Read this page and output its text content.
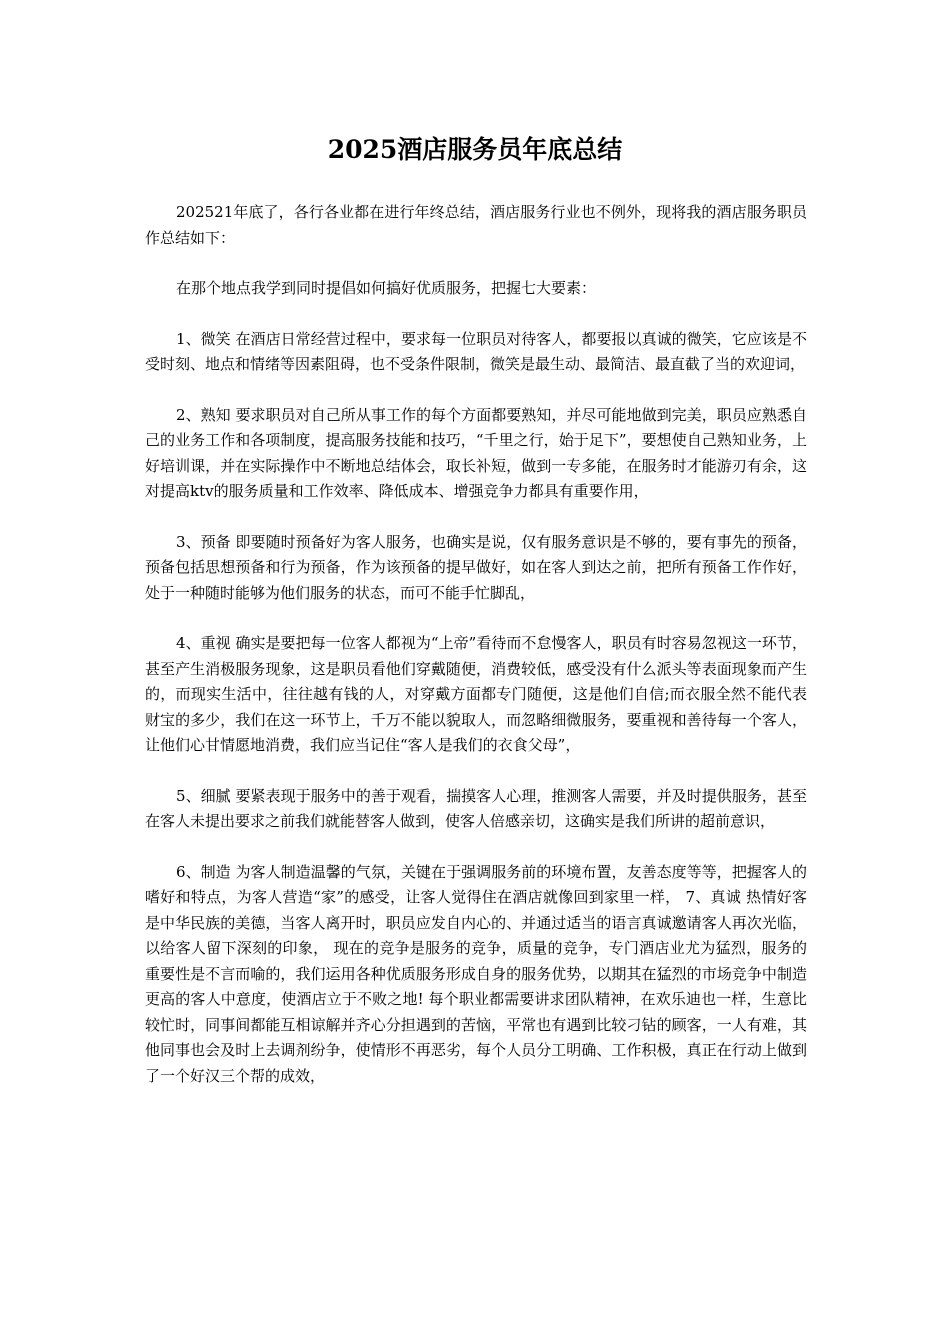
2025酒店服务员年底总结

202521年底了，各行各业都在进行年终总结，酒店服务行业也不例外，现将我的酒店服务职员作总结如下：

在那个地点我学到同时提倡如何搞好优质服务，把握七大要素：

1、微笑 在酒店日常经营过程中，要求每一位职员对待客人，都要报以真诚的微笑，它应该是不受时刻、地点和情绪等因素阻碍，也不受条件限制，微笑是最生动、最简洁、最直截了当的欢迎词，

2、熟知 要求职员对自己所从事工作的每个方面都要熟知，并尽可能地做到完美，职员应熟悉自己的业务工作和各项制度，提高服务技能和技巧，“千里之行，始于足下”，要想使自己熟知业务，上好培训课，并在实际操作中不断地总结体会，取长补短，做到一专多能，在服务时才能游刃有余，这对提高ktv的服务质量和工作效率、降低成本、增强竞争力都具有重要作用，

3、预备 即要随时预备好为客人服务，也确实是说，仅有服务意识是不够的，要有事先的预备，预备包括思想预备和行为预备，作为该预备的提早做好，如在客人到达之前，把所有预备工作作好，处于一种随时能够为他们服务的状态，而可不能手忙脚乱，

4、重视 确实是要把每一位客人都视为“上帝”看待而不怠慢客人，职员有时容易忽视这一环节，甚至产生消极服务现象，这是职员看他们穿戴随便，消费较低，感受没有什么派头等表面现象而产生的，而现实生活中，往往越有钱的人，对穿戴方面都专门随便，这是他们自信;而衣服全然不能代表财宝的多少，我们在这一环节上，千万不能以貌取人，而忽略细微服务，要重视和善待每一个客人，让他们心甘情愿地消费，我们应当记住“客人是我们的衣食父母”，

5、细腻 要紧表现于服务中的善于观看，揣摸客人心理，推测客人需要，并及时提供服务，甚至在客人未提出要求之前我们就能替客人做到，使客人倍感亲切，这确实是我们所讲的超前意识，

6、制造 为客人制造温馨的气氛，关键在于强调服务前的环境布置，友善态度等等，把握客人的嗜好和特点，为客人营造“家”的感受，让客人觉得住在酒店就像回到家里一样， 7、真诚 热情好客是中华民族的美德，当客人离开时，职员应发自内心的、并通过适当的语言真诚邀请客人再次光临，以给客人留下深刻的印象， 现在的竞争是服务的竞争，质量的竞争，专门酒店业尤为猛烈，服务的重要性是不言而喻的，我们运用各种优质服务形成自身的服务优势，以期其在猛烈的市场竞争中制造更高的客人中意度，使酒店立于不败之地! 每个职业都需要讲求团队精神，在欢乐迪也一样，生意比较忙时，同事间都能互相谅解并齐心分担遇到的苦恼，平常也有遇到比较刁钻的顾客，一人有难，其他同事也会及时上去调剂纷争，使情形不再恶劣，每个人员分工明确、工作积极，真正在行动上做到了一个好汉三个帮的成效，
